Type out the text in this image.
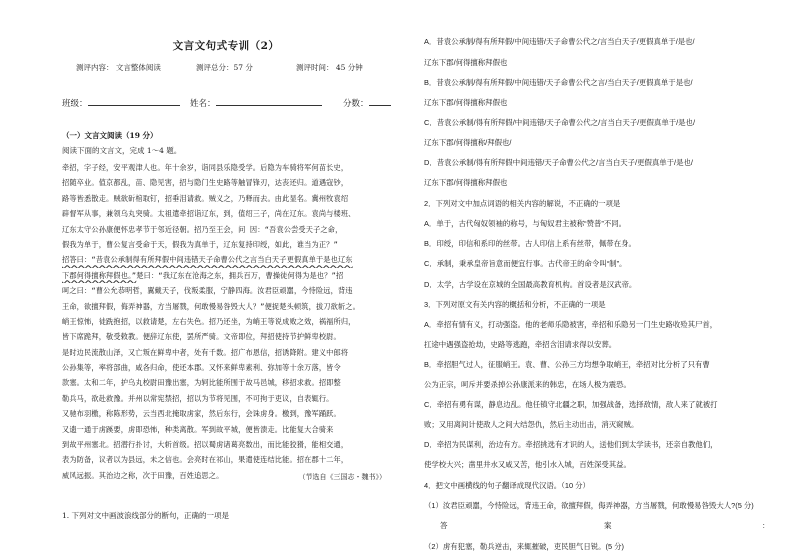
文言文句式专训（2）
测评内容： 文言整体阅读	测评总分：57 分	测评时间： 45 分钟
班级：	姓名：	分数：
（一）文言文阅读（19 分）
阅读下面的文言文，完成 1～4 题。
牵招，字子经，安平观津人也。年十余岁，诣同县乐隐受学。后隐为车骑将军何苗长史，
招随卒业。值京都乱，苗、隐见害，招与隐门生史路等触冒锋刃，达丧还归。道遇寇钞，
路等皆悉散走。贼欲斫棺取钉，招垂泪请救。贼义之，乃释而去。由此显名。冀州牧袁绍
辟督军从事，兼领乌丸突骑。太祖遣牵招诣辽东，到，值绍三子，尚在辽东。袁尚与楼班、
辽东太守公孙康便怀忠孝节于邻近径朝。招乃至王会，问 因：“吾袁公尝受天子之命，
假我为单于，曹公复言受命于天，假我为真单于，辽东复持印绶，如此，谁当为正？”
招答曰：“昔袁公承制得有所拜假中间违错天子命曹公代之言当白天子更假真单于是也辽东
下郡何得擅称拜假也。”楚曰：“我辽东在沧海之东，拥兵百万，曹操徒何得为是也？”招
呵之曰：“曹公允恭明哲，翼戴天子，伐叛柔服，宁静四海。汝君臣顽嚚，今恃险远，背违
王命，欲擅拜假，侮弄神器，方当屠戮，何敢慢易咎毁大人？”便捉楚头顿筑，拔刀欲斩之。
峭王惊怖，徒跣抱招，以救请楚，左右失色。招乃还坐，为峭王等说成败之效，祸福所归，
皆下席跪拜，敬受敕教。便辞辽东使，罢所严骑。文帝即位，拜招使持节护鲜卑校尉。
是时边民流散山泽，又亡叛在鲜卑中者，处有千数。招广布恩信，招诱降附。建义中郎将
公孙集等，率将部曲，咸各归命，使还本郡。又怀来鲜卑素利、弥加等十余万落，皆令
款塞。太和二年，护乌丸校尉田豫出塞，为轲比能所围于故马邑城，移招求救。招即整
勒兵马，欲赴救豫。并州以常宪禁招，招以为节将见围，不可拘于吏议，自表辄行。
又驰布羽檄，称陈形势，云当西北掩取虏家，然后东行，会诛虏身。檄到，豫军踊跃。
又遗一通于虏蹊要，虏即恐怖，种类离散。军到故平城，便皆溃走。比能复大合骑来
到故平州塞北。招潜行扑讨，大斩首级。招以蜀虏诸葛亮数出，而比能狡猾，能相交通，
表为防备，议者以为县远，未之信也。会亮时在祁山，果遣使连结比能。招在郡十二年，
威风远振。其治边之称，次于田豫，百姓追思之。	（节选自《三国志・魏书》）
1. 下列对文中画波浪线部分的断句，正确的一项是
A．昔袁公承制/得有所拜假/中间违错/天子命曹公代之/言当白天子/更假真单于/是也/
辽东下郡/何得擅称拜假也
B．昔袁公承制/得有所拜假/中间违错/天子命曹公代之言/当白天子/更假真单于是也/
辽东下郡/何得擅称拜假也
C．昔袁公承制/得有所拜假/中间违错/天子命曹公代之/言当白天子/更假真单于/是也/
辽东下郡/何得擅称/拜假也/
D．昔袁公承制/得有所拜假中间违错/天子命曹公代之/言当白天子/更假真单于/是也/
辽东下郡/何得擅称拜假也
2．下列对文中加点词语的相关内容的解说，不正确的一项是
A．单于，古代匈奴领袖的称号，与匈奴君主被称“赞普”不同。
B．印绶，印信和系印的丝带。古人印信上系有丝带，佩带在身。
C．承制，秉承皇帝旨意而便宜行事。古代帝王的命令叫“制”。
D．太学，古学设在京城的全国最高教育机构。首设者是汉武帝。
3．下列对原文有关内容的概括和分析，不正确的一项是
A．牵招有情有义，打动强盗。他的老师乐隐被害，牵招和乐隐另一门生史路收殓其尸首，
扛途中遇强盗抢劫，史路等逃跑，牵招含泪请求得以安葬。
B．牵招胆气过人，征服峭王。袁、曹、公孙三方均想争取峭王，牵招对比分析了只有曹
公为正宗，呵斥并要杀掉公孙康派来的韩忠，在场人极为震恐。
C．牵招有勇有谋，静息边乱。他任镇守北疆之职，加强战备，选择敌情，敌人来了就被打
败；又用离间计使敌人之间大结怨仇，然后主动出击，消灭窥贼。
D．牵招为民谋利，治边有方。牵招挑选有才识的人，送他们到太学读书，还亲自教他们，
使学校大兴；凿里井水又咸又苦，他引水入城，百姓深受其益。
4．把文中画横线的句子翻译成现代汉语。（10 分）
（1）汝君臣顽嚚，今恃险远，背违王命，欲擅拜假，侮弄神器，方当屠戮，何敢慢易咎毁大人?(5 分)
答	案	：
（2）虏有犯塞，勒兵逆击，来辄摧破，吏民胆气日锐。(5 分)
